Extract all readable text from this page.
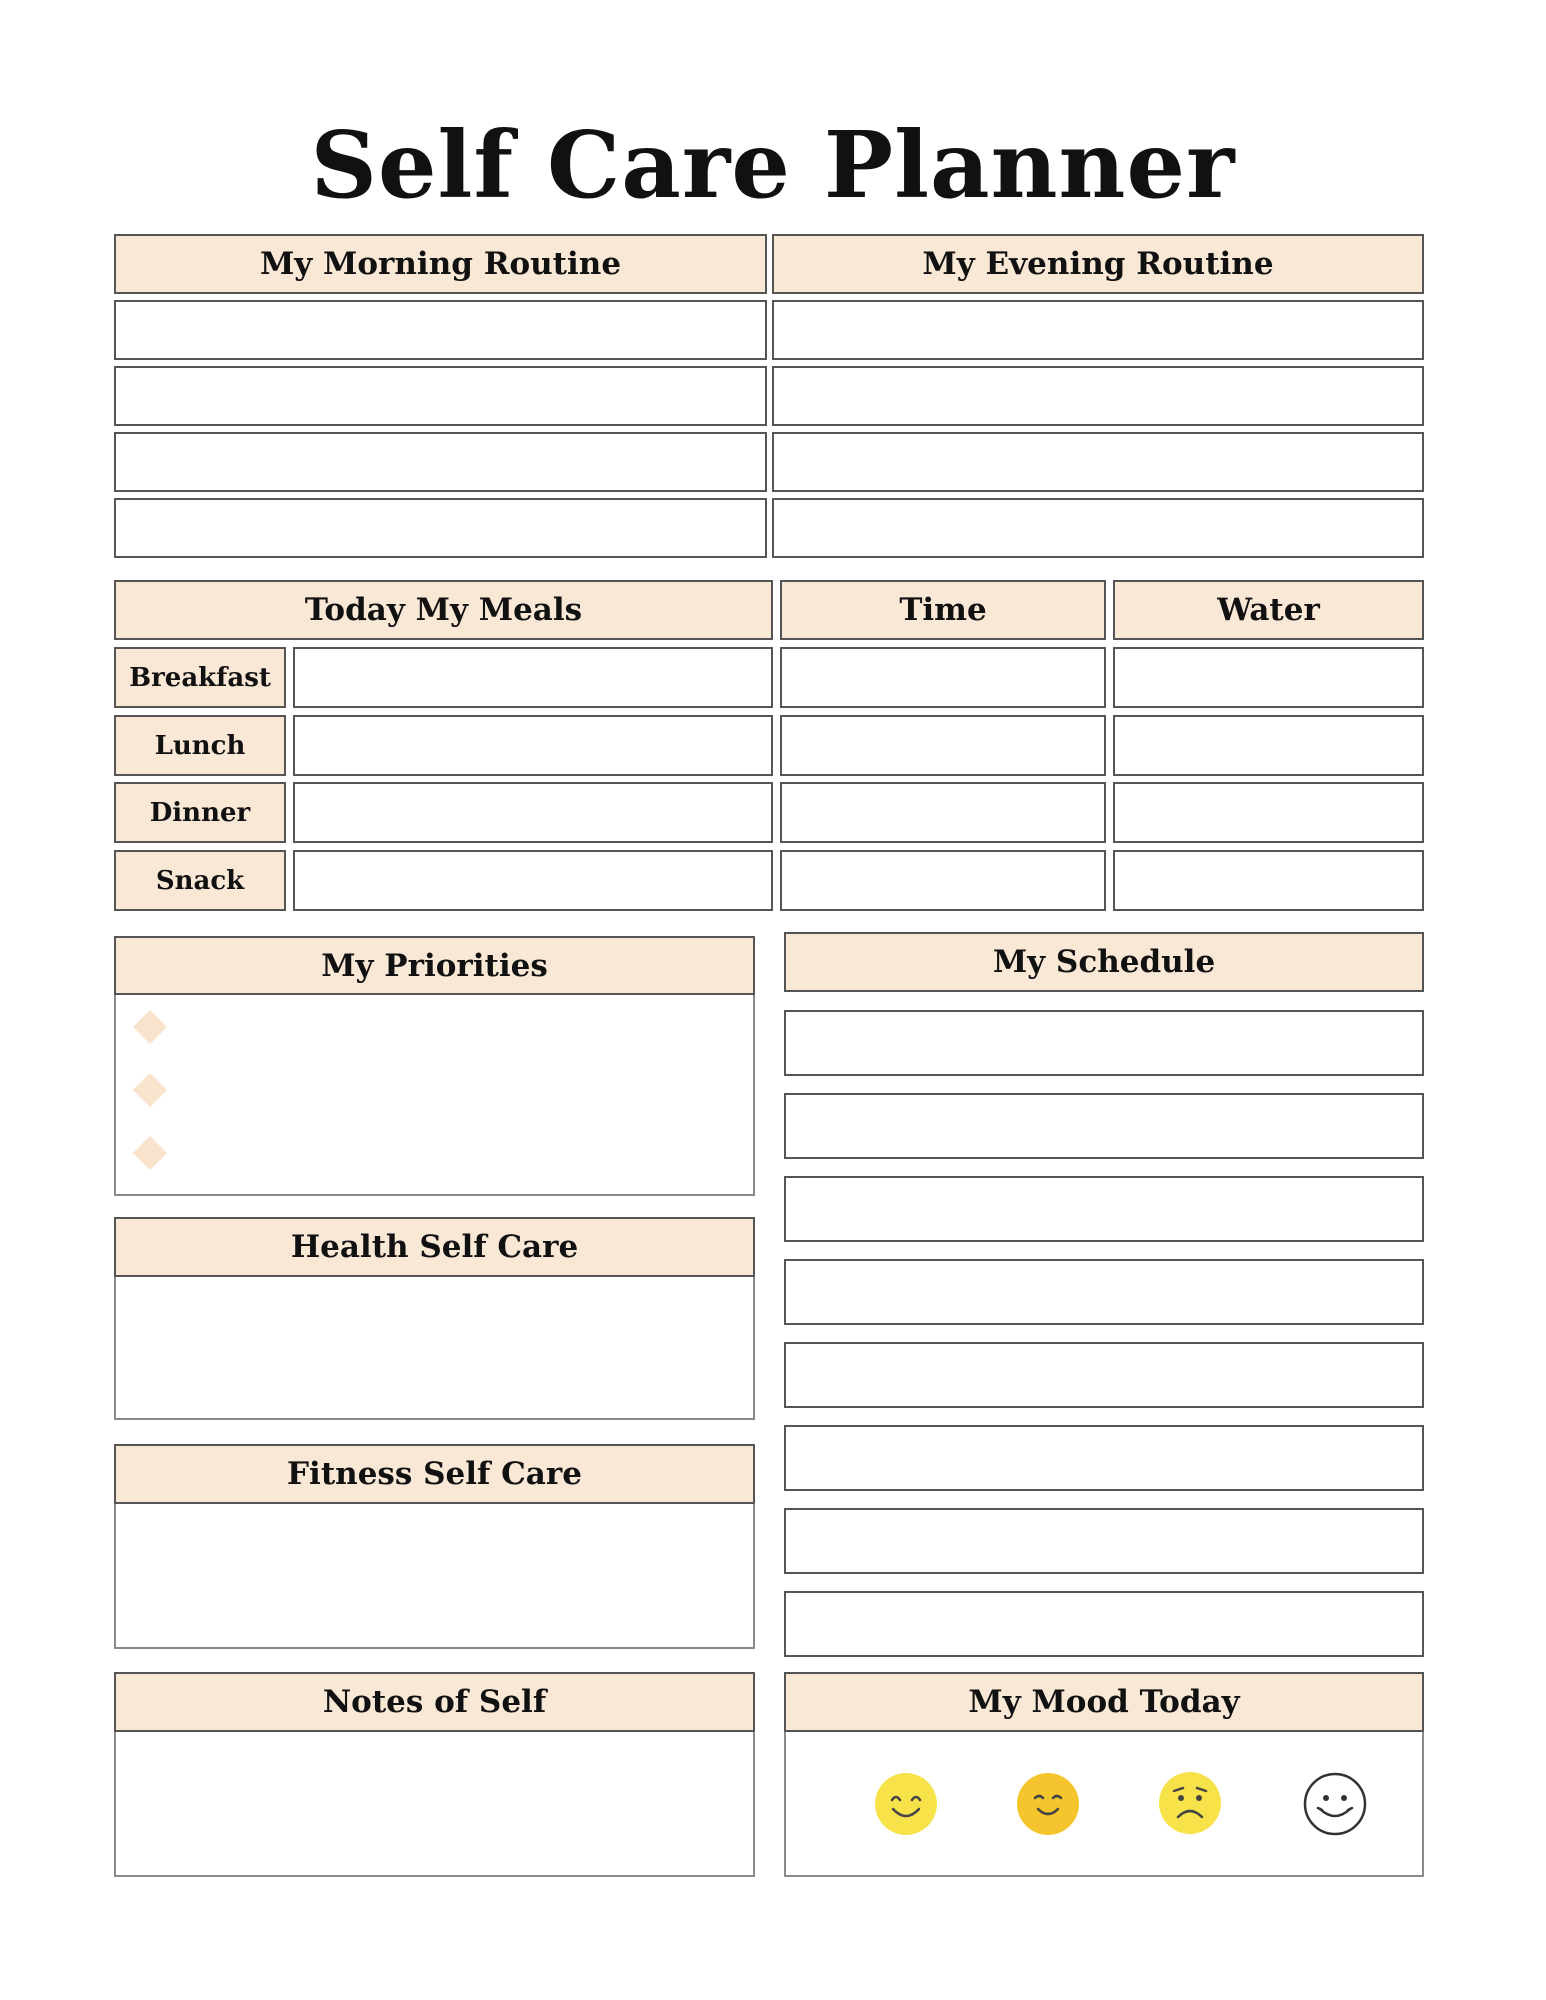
Self Care Planner
My Morning Routine	My Evening Routine
Today My Meals	Time	Water
Breakfast
Lunch
Dinner
Snack
My Priorities
Health Self Care
Fitness Self Care
Notes of Self
My Schedule
My Mood Today
